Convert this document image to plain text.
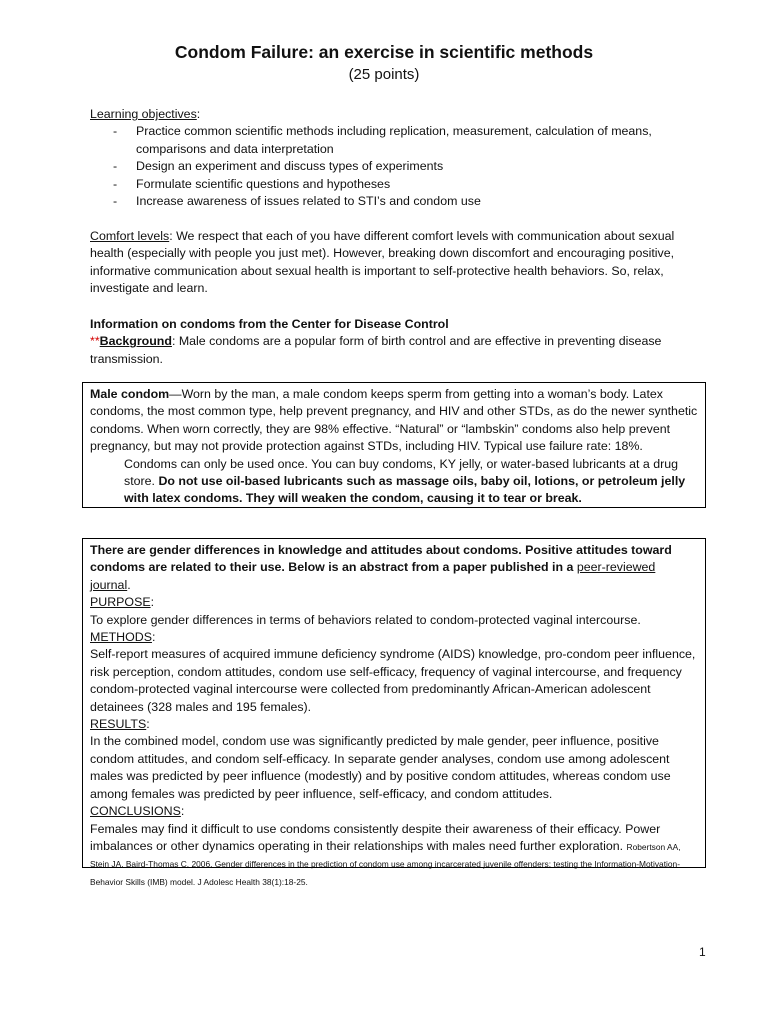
Condom Failure: an exercise in scientific methods
(25 points)
Learning objectives:
- Practice common scientific methods including replication, measurement, calculation of means, comparisons and data interpretation
- Design an experiment and discuss types of experiments
- Formulate scientific questions and hypotheses
- Increase awareness of issues related to STI’s and condom use
Comfort levels: We respect that each of you have different comfort levels with communication about sexual health (especially with people you just met). However, breaking down discomfort and encouraging positive, informative communication about sexual health is important to self-protective health behaviors. So, relax, investigate and learn.
Information on condoms from the Center for Disease Control
**Background: Male condoms are a popular form of birth control and are effective in preventing disease transmission.
Male condom—Worn by the man, a male condom keeps sperm from getting into a woman’s body. Latex condoms, the most common type, help prevent pregnancy, and HIV and other STDs, as do the newer synthetic condoms. When worn correctly, they are 98% effective. “Natural” or “lambskin” condoms also help prevent pregnancy, but may not provide protection against STDs, including HIV. Typical use failure rate: 18%.
Condoms can only be used once. You can buy condoms, KY jelly, or water-based lubricants at a drug store. Do not use oil-based lubricants such as massage oils, baby oil, lotions, or petroleum jelly with latex condoms. They will weaken the condom, causing it to tear or break.
There are gender differences in knowledge and attitudes about condoms. Positive attitudes toward condoms are related to their use. Below is an abstract from a paper published in a peer-reviewed journal.
PURPOSE:
To explore gender differences in terms of behaviors related to condom-protected vaginal intercourse.
METHODS:
Self-report measures of acquired immune deficiency syndrome (AIDS) knowledge, pro-condom peer influence, risk perception, condom attitudes, condom use self-efficacy, frequency of vaginal intercourse, and frequency condom-protected vaginal intercourse were collected from predominantly African-American adolescent detainees (328 males and 195 females).
RESULTS:
In the combined model, condom use was significantly predicted by male gender, peer influence, positive condom attitudes, and condom self-efficacy. In separate gender analyses, condom use among adolescent males was predicted by peer influence (modestly) and by positive condom attitudes, whereas condom use among females was predicted by peer influence, self-efficacy, and condom attitudes.
CONCLUSIONS:
Females may find it difficult to use condoms consistently despite their awareness of their efficacy. Power imbalances or other dynamics operating in their relationships with males need further exploration. Robertson AA, Stein JA, Baird-Thomas C. 2006. Gender differences in the prediction of condom use among incarcerated juvenile offenders: testing the Information-Motivation-Behavior Skills (IMB) model. J Adolesc Health 38(1):18-25.
1
